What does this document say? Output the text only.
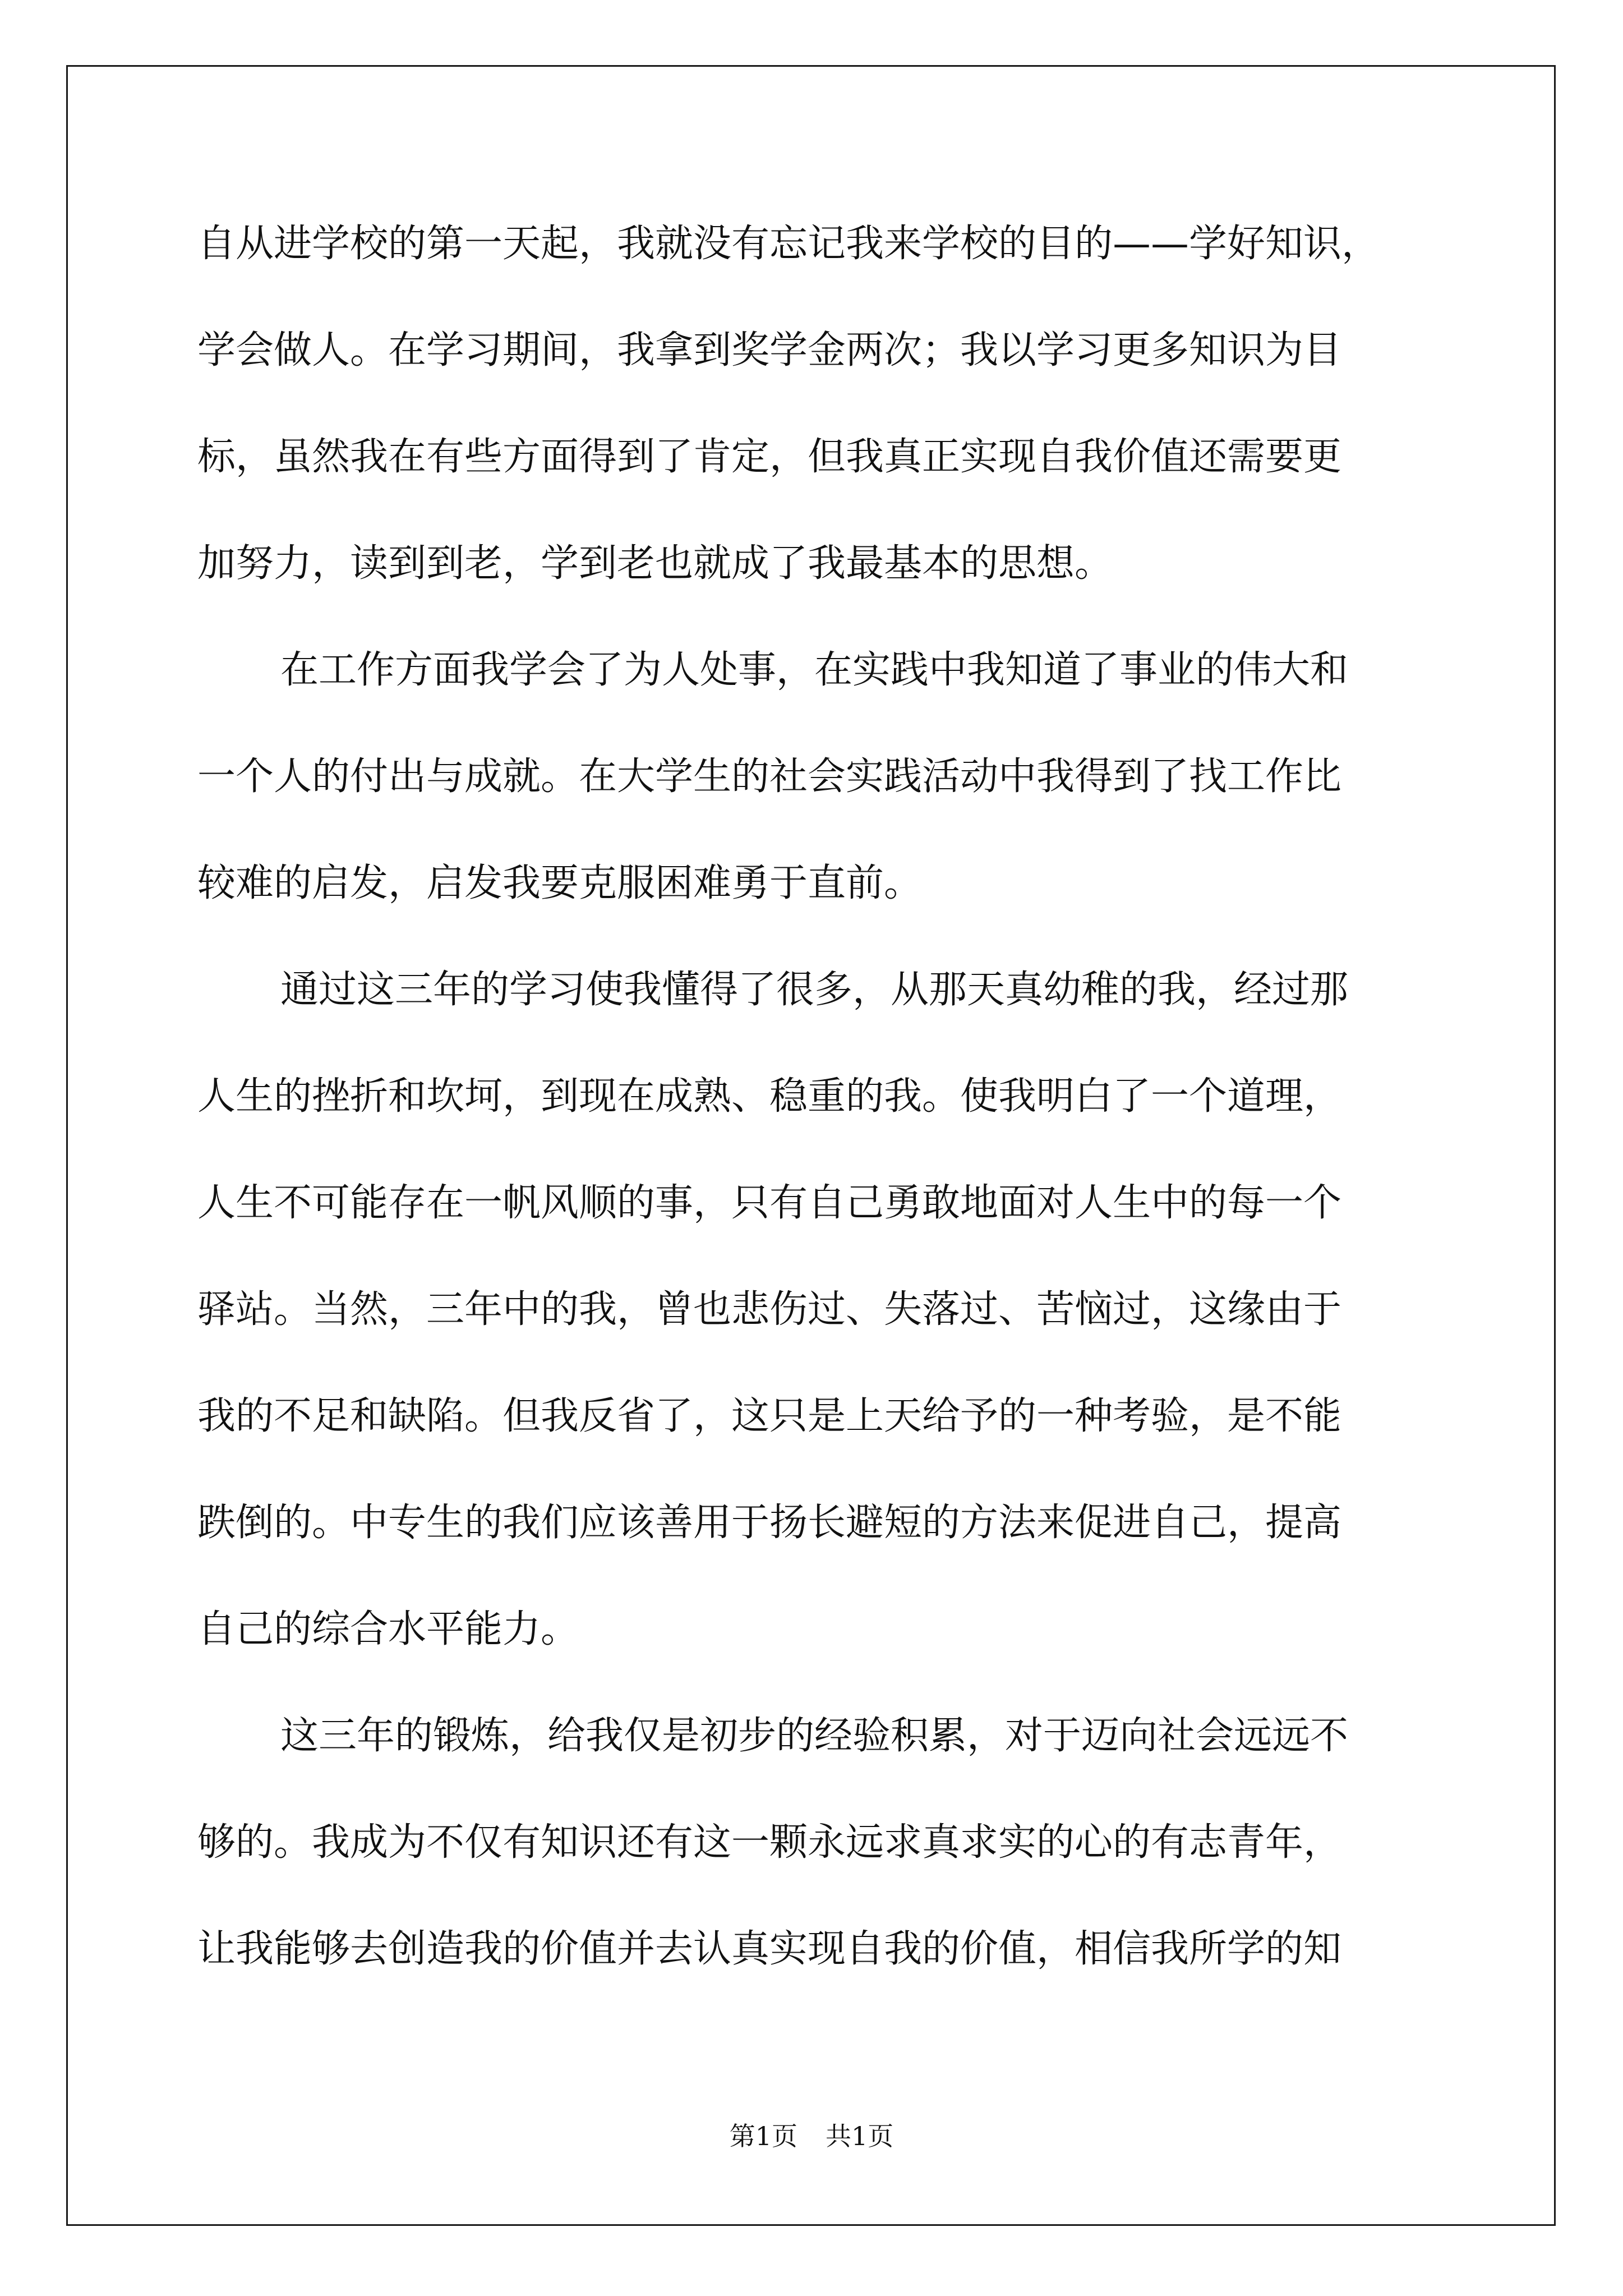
自从进学校的第一天起，我就没有忘记我来学校的目的——学好知识，
学会做人。在学习期间，我拿到奖学金两次；我以学习更多知识为目
标，虽然我在有些方面得到了肯定，但我真正实现自我价值还需要更
加努力，读到到老，学到老也就成了我最基本的思想。
在工作方面我学会了为人处事，在实践中我知道了事业的伟大和
一个人的付出与成就。在大学生的社会实践活动中我得到了找工作比
较难的启发，启发我要克服困难勇于直前。
通过这三年的学习使我懂得了很多，从那天真幼稚的我，经过那
人生的挫折和坎坷，到现在成熟、稳重的我。使我明白了一个道理，
人生不可能存在一帆风顺的事，只有自己勇敢地面对人生中的每一个
驿站。当然，三年中的我，曾也悲伤过、失落过、苦恼过，这缘由于
我的不足和缺陷。但我反省了，这只是上天给予的一种考验，是不能
跌倒的。中专生的我们应该善用于扬长避短的方法来促进自己，提高
自己的综合水平能力。
这三年的锻炼，给我仅是初步的经验积累，对于迈向社会远远不
够的。我成为不仅有知识还有这一颗永远求真求实的心的有志青年，
让我能够去创造我的价值并去认真实现自我的价值，相信我所学的知
第1页 共1页
